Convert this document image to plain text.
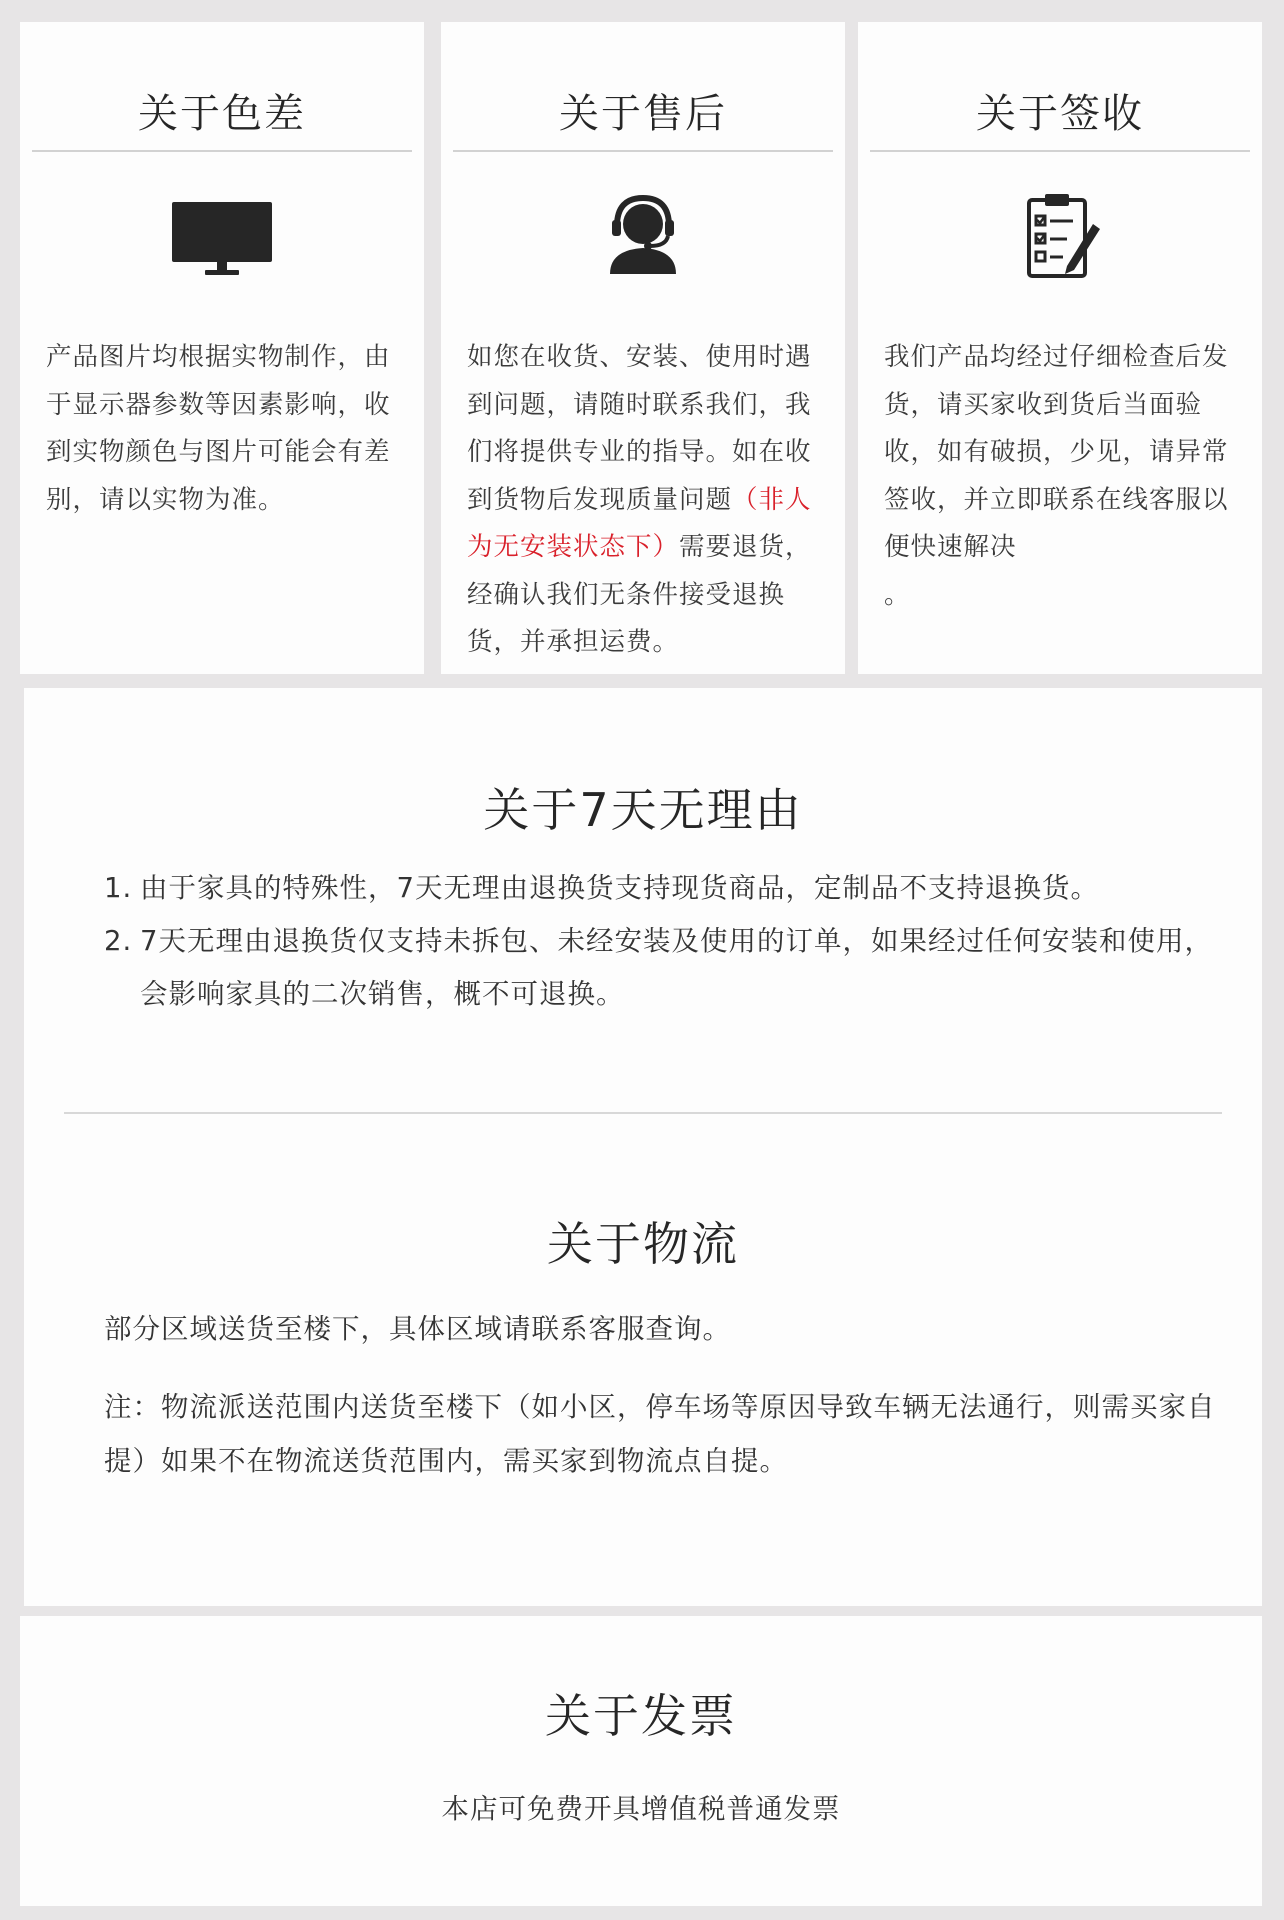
关于色差
产品图片均根据实物制作，由于显示器参数等因素影响，收到实物颜色与图片可能会有差别，请以实物为准。
关于售后
如您在收货、安装、使用时遇到问题，请随时联系我们，我们将提供专业的指导。如在收到货物后发现质量问题（非人为无安装状态下）需要退货，经确认我们无条件接受退换货，并承担运费。
关于签收
我们产品均经过仔细检查后发货，请买家收到货后当面验收，如有破损，少见，请异常签收，并立即联系在线客服以便快速解决
。
关于7天无理由
1. 由于家具的特殊性，7天无理由退换货支持现货商品，定制品不支持退换货。
2. 7天无理由退换货仅支持未拆包、未经安装及使用的订单，如果经过任何安装和使用，会影响家具的二次销售，概不可退换。
关于物流
部分区域送货至楼下，具体区域请联系客服查询。
注：物流派送范围内送货至楼下（如小区，停车场等原因导致车辆无法通行，则需买家自提）如果不在物流送货范围内，需买家到物流点自提。
关于发票
本店可免费开具增值税普通发票
